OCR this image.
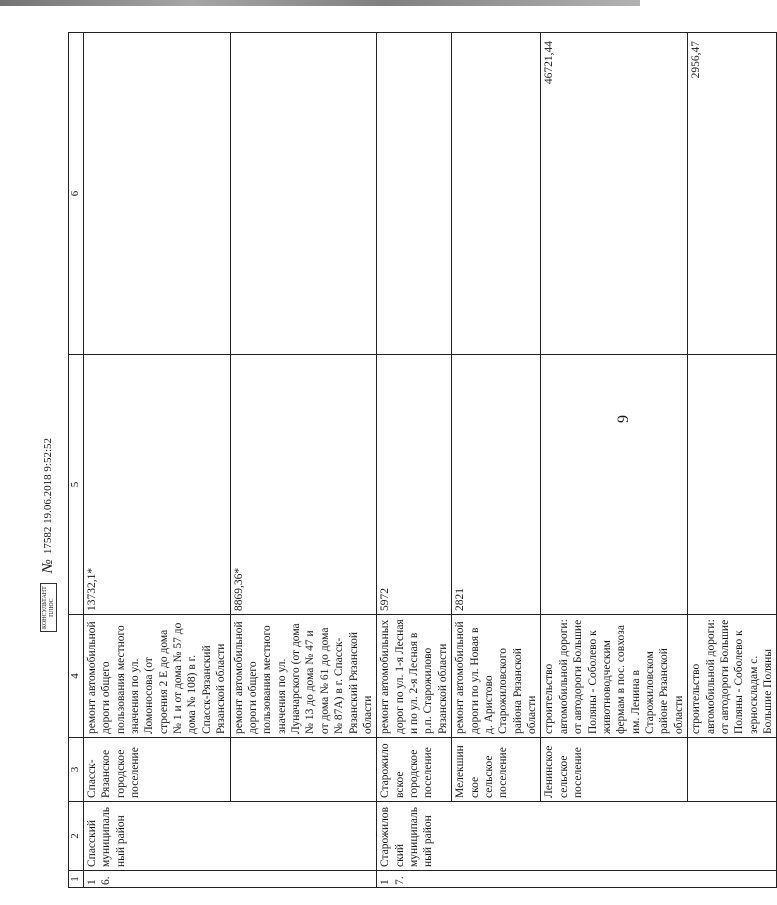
9
КОНСУЛЬТАНТ
ПЛЮС№17582 19.06.2018 9:52:52
1	2	3	4	5	6
16.	Спасский муниципальный район	Спасск-Рязанское городское поселение	ремонт автомобильной дороги общего пользования местного значения по ул. Ломоносова (от строения 2 Е до дома № 1 и от дома № 57 до дома № 108) в г. Спасск-Рязанский Рязанской области	13732,1*	
			ремонт автомобильной дороги общего пользования местного значения по ул. Луначарского (от дома № 13 до дома № 47 и от дома № 61 до дома № 87А) в г. Спасск-Рязанский Рязанской области	8869,36*	
17.	Старожиловский муниципальный район	Старожиловское городское поселение	ремонт автомобильных дорог по ул. 1-я Лесная и по ул. 2-я Лесная в р.п. Старожилово Рязанской области	5972	
		Мелекшинское сельское поселение	ремонт автомобильной дороги по ул. Новая в д. Аристово Старожиловского района Рязанской области	2821	
		Ленинское сельское поселение	строительство автомобильной дороги: от автодороги Большие Поляны - Соболево к животноводческим фермам в пос. совхоза им. Ленина в Старожиловском районе Рязанской области		46721,44
			строительство автомобильной дороги: от автодороги Большие Поляны - Соболево к зерноскладам с. Большие Поляны		2956,47
